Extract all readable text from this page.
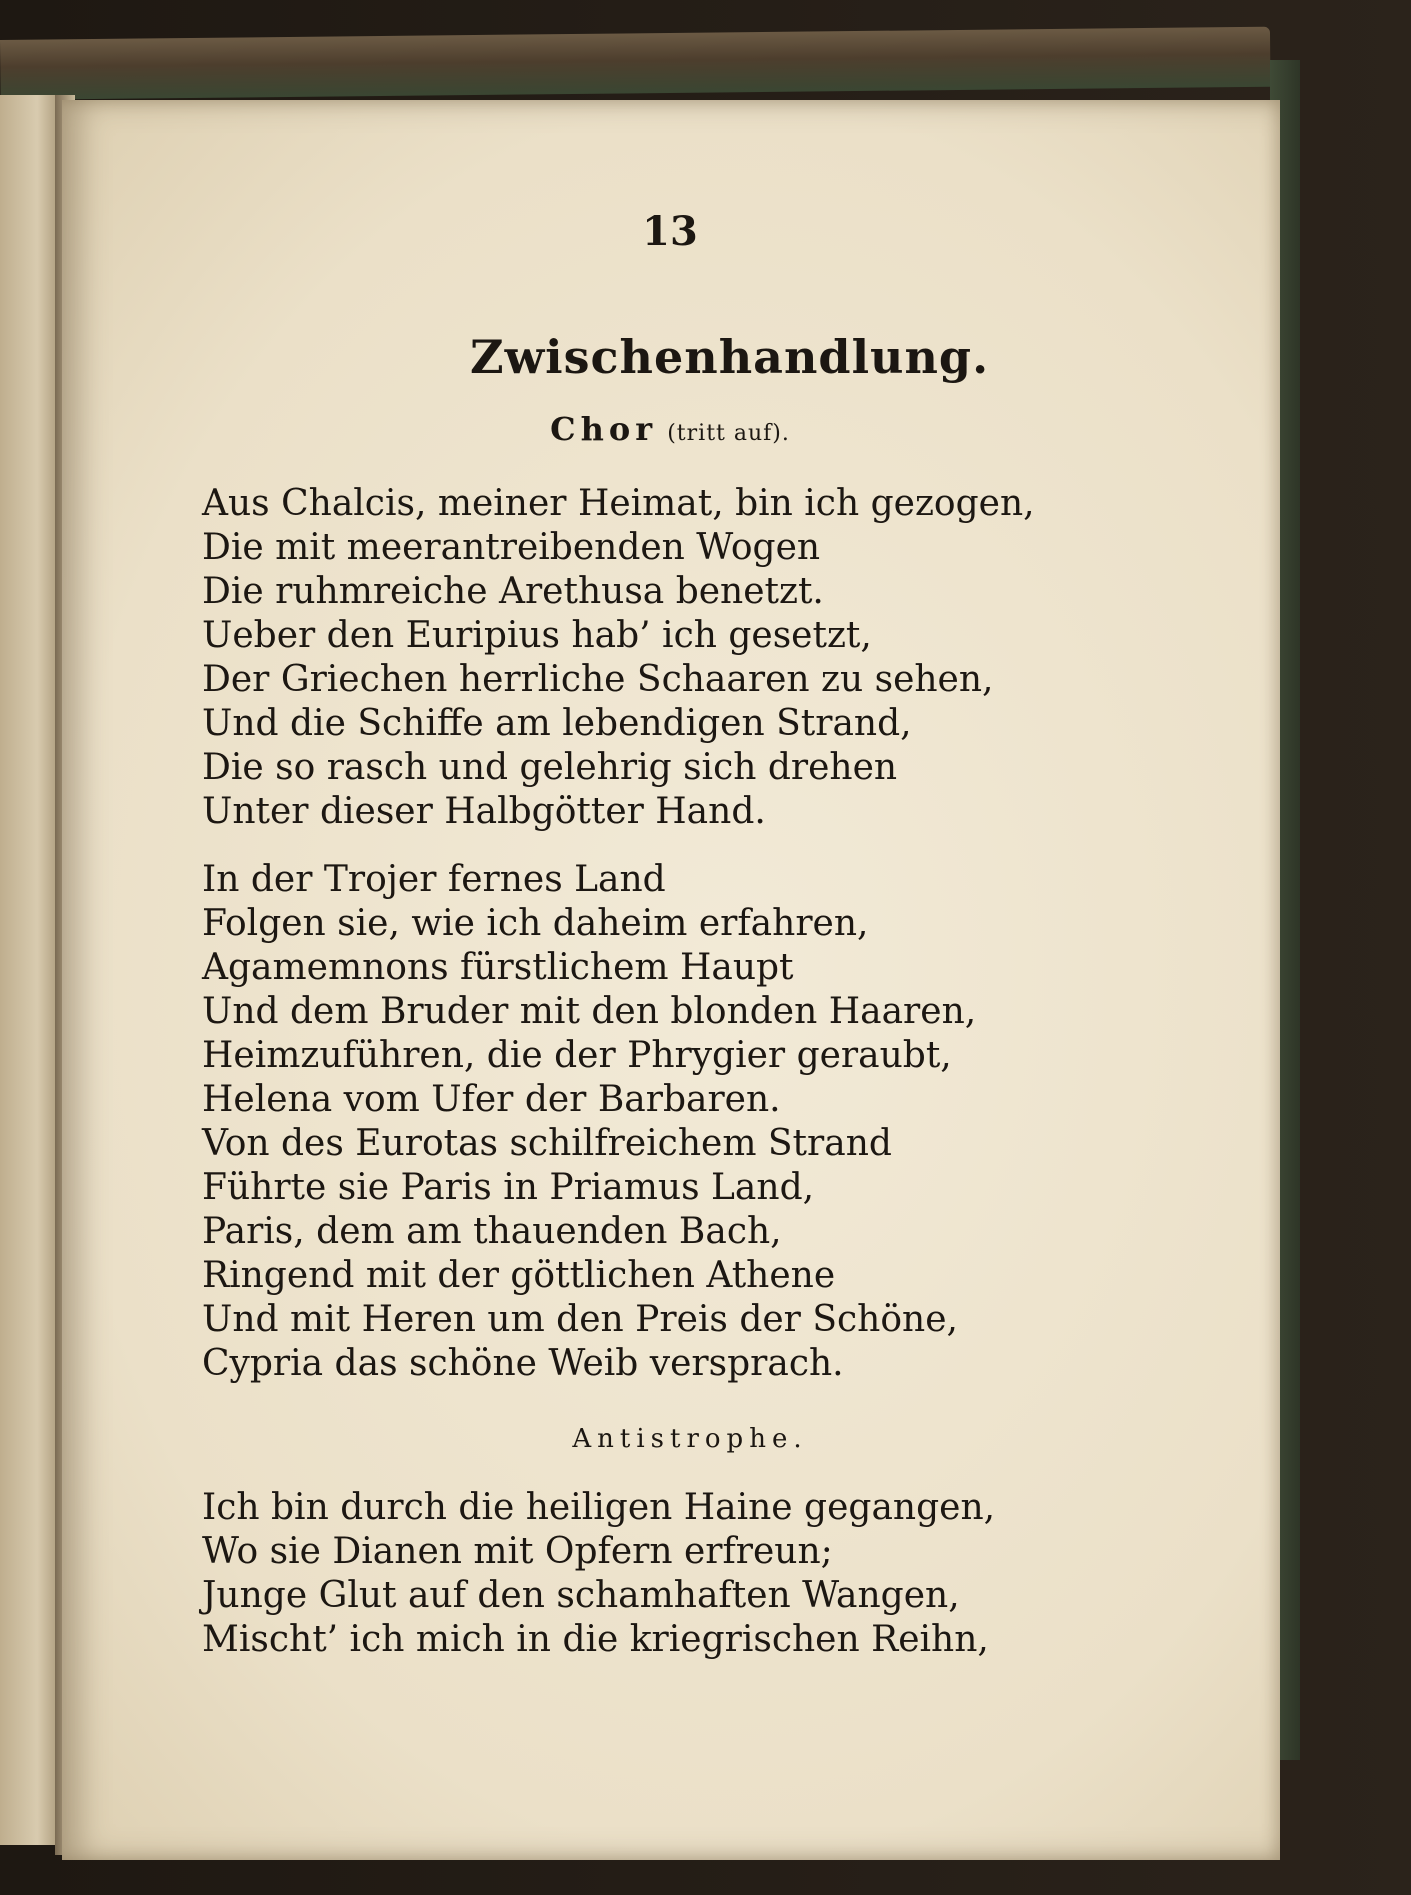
13
Zwischenhandlung.
Chor (tritt auf).
Aus Chalcis, meiner Heimat, bin ich gezogen,
Die mit meerantreibenden Wogen
Die ruhmreiche Arethusa benetzt.
Ueber den Euripius hab’ ich gesetzt,
Der Griechen herrliche Schaaren zu sehen,
Und die Schiffe am lebendigen Strand,
Die so rasch und gelehrig sich drehen
Unter dieser Halbgötter Hand.
In der Trojer fernes Land
Folgen sie, wie ich daheim erfahren,
Agamemnons fürstlichem Haupt
Und dem Bruder mit den blonden Haaren,
Heimzuführen, die der Phrygier geraubt,
Helena vom Ufer der Barbaren.
Von des Eurotas schilfreichem Strand
Führte sie Paris in Priamus Land,
Paris, dem am thauenden Bach,
Ringend mit der göttlichen Athene
Und mit Heren um den Preis der Schöne,
Cypria das schöne Weib versprach.
Antistrophe.
Ich bin durch die heiligen Haine gegangen,
Wo sie Dianen mit Opfern erfreun;
Junge Glut auf den schamhaften Wangen,
Mischt’ ich mich in die kriegrischen Reihn,
